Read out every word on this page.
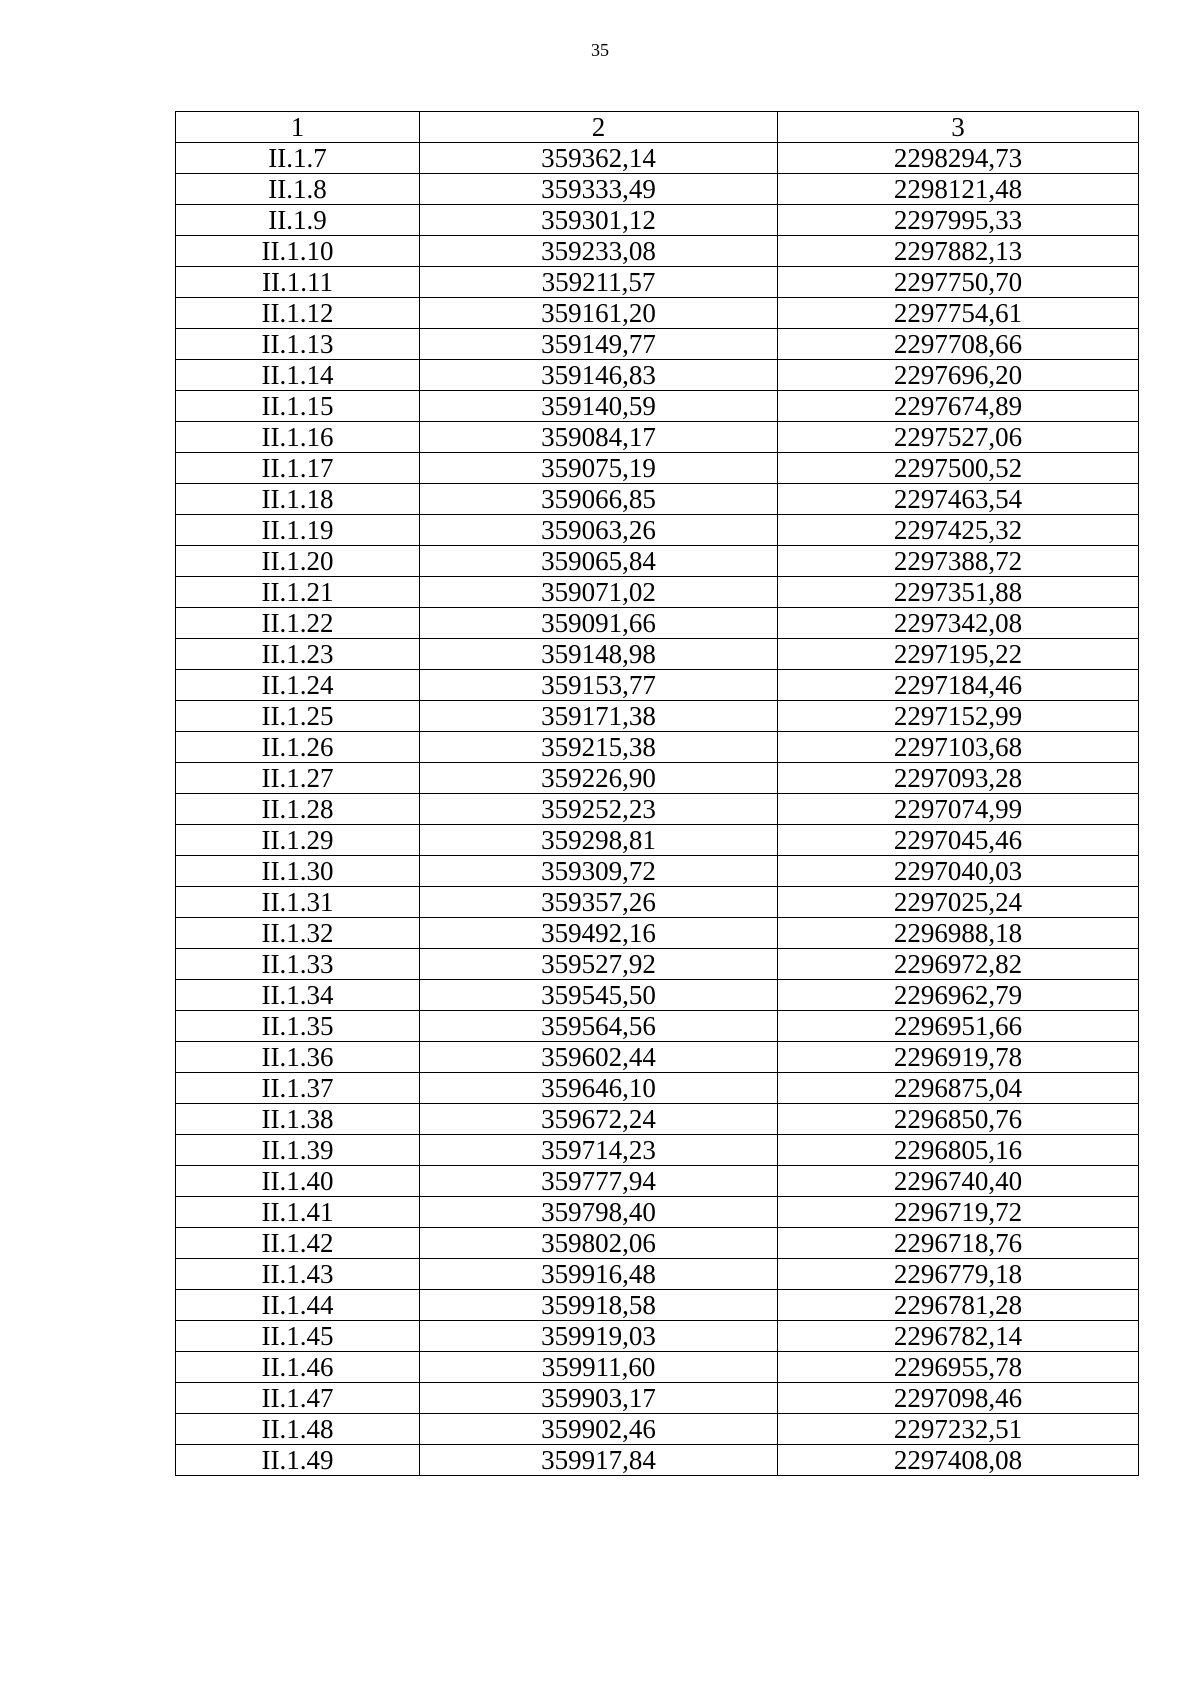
35
1	2	3
II.1.7	359362,14	2298294,73
II.1.8	359333,49	2298121,48
II.1.9	359301,12	2297995,33
II.1.10	359233,08	2297882,13
II.1.11	359211,57	2297750,70
II.1.12	359161,20	2297754,61
II.1.13	359149,77	2297708,66
II.1.14	359146,83	2297696,20
II.1.15	359140,59	2297674,89
II.1.16	359084,17	2297527,06
II.1.17	359075,19	2297500,52
II.1.18	359066,85	2297463,54
II.1.19	359063,26	2297425,32
II.1.20	359065,84	2297388,72
II.1.21	359071,02	2297351,88
II.1.22	359091,66	2297342,08
II.1.23	359148,98	2297195,22
II.1.24	359153,77	2297184,46
II.1.25	359171,38	2297152,99
II.1.26	359215,38	2297103,68
II.1.27	359226,90	2297093,28
II.1.28	359252,23	2297074,99
II.1.29	359298,81	2297045,46
II.1.30	359309,72	2297040,03
II.1.31	359357,26	2297025,24
II.1.32	359492,16	2296988,18
II.1.33	359527,92	2296972,82
II.1.34	359545,50	2296962,79
II.1.35	359564,56	2296951,66
II.1.36	359602,44	2296919,78
II.1.37	359646,10	2296875,04
II.1.38	359672,24	2296850,76
II.1.39	359714,23	2296805,16
II.1.40	359777,94	2296740,40
II.1.41	359798,40	2296719,72
II.1.42	359802,06	2296718,76
II.1.43	359916,48	2296779,18
II.1.44	359918,58	2296781,28
II.1.45	359919,03	2296782,14
II.1.46	359911,60	2296955,78
II.1.47	359903,17	2297098,46
II.1.48	359902,46	2297232,51
II.1.49	359917,84	2297408,08
